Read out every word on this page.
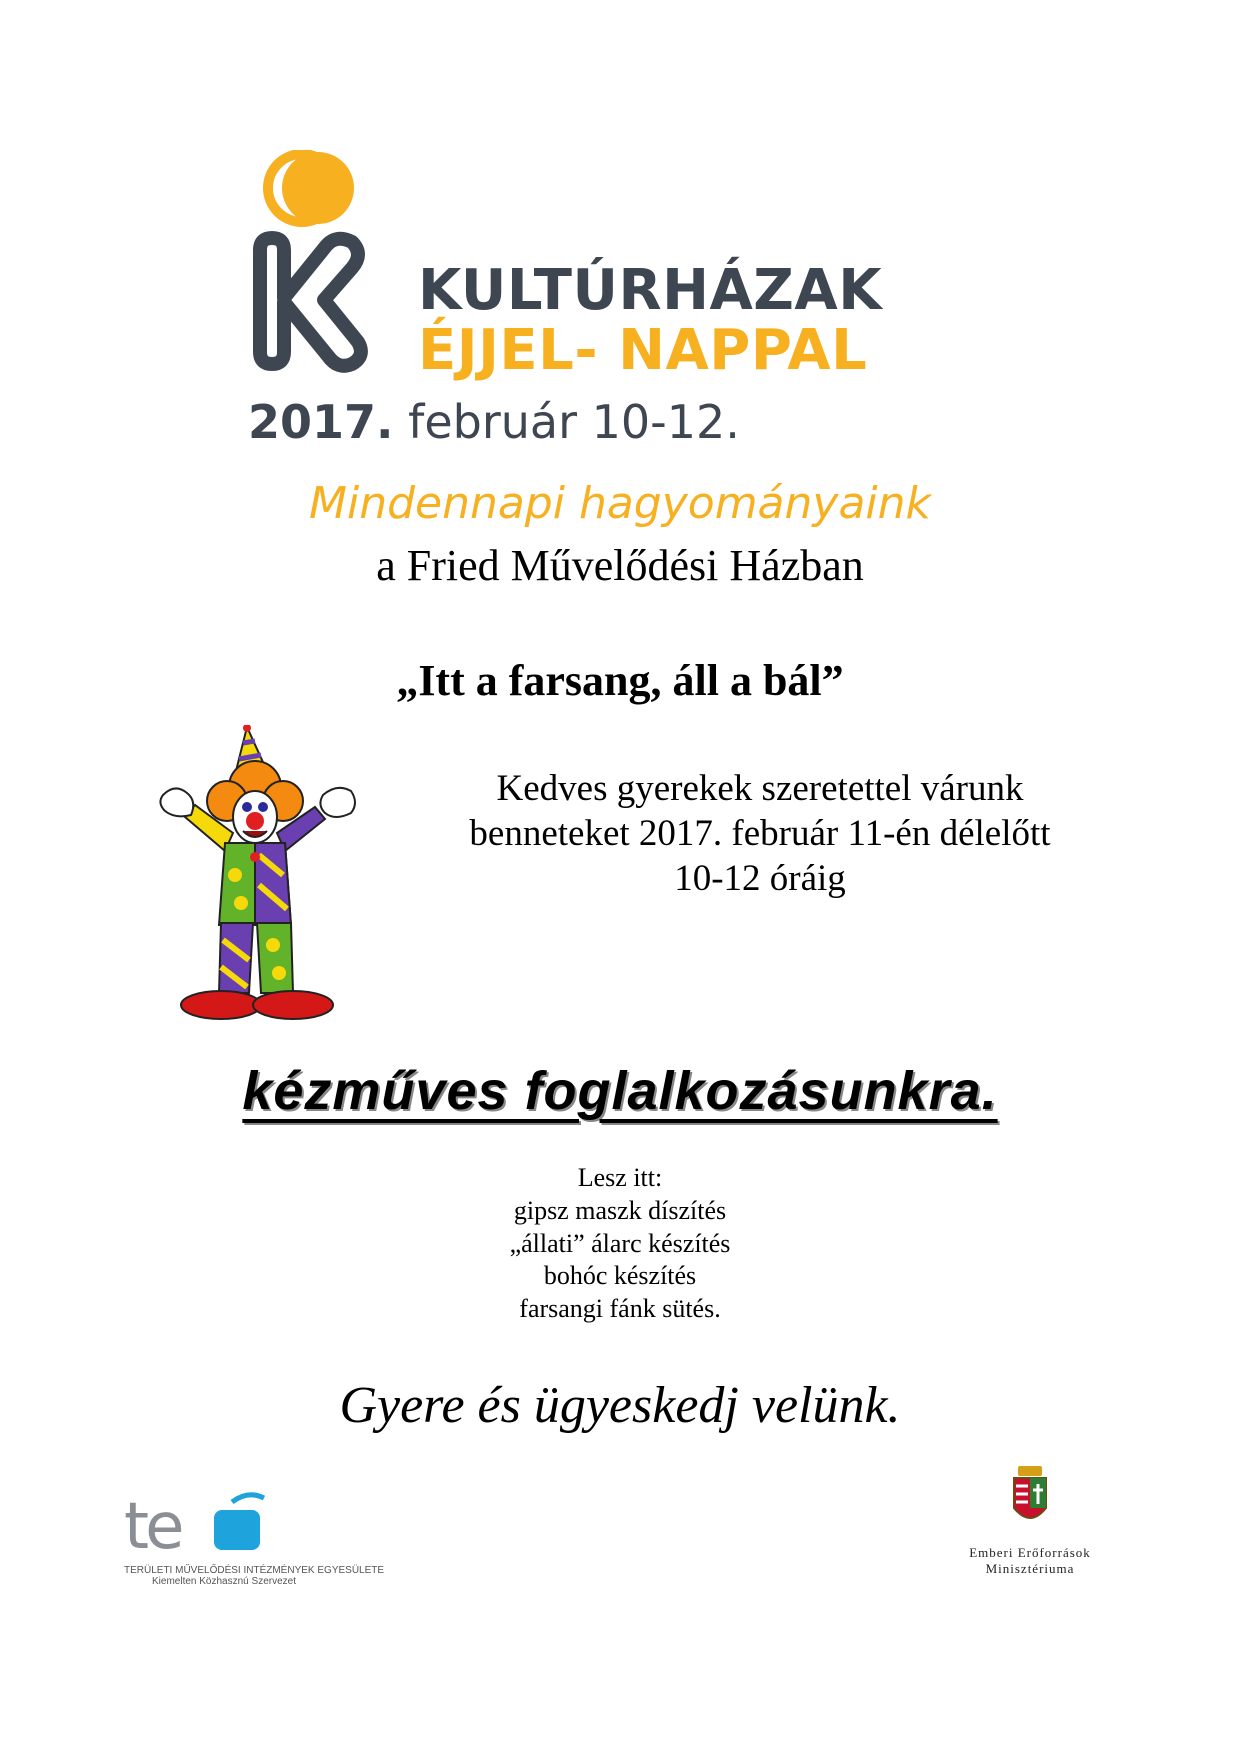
KULTÚRHÁZAK
ÉJJEL- NAPPAL
2017. február 10-12.
Mindennapi hagyományaink
a Fried Művelődési Házban
„Itt a farsang, áll a bál”
Kedves gyerekek szeretettel várunk
benneteket 2017. február 11-én délelőtt
10-12 óráig
kézműves foglalkozásunkra.
Lesz itt:
gipsz maszk díszítés
„állati” álarc készítés
bohóc készítés
farsangi fánk sütés.
Gyere és ügyeskedj velünk.
te
TERÜLETI MŰVELŐDÉSI INTÉZMÉNYEK EGYESÜLETE
Kiemelten Közhasznú Szervezet
Emberi Erőforrások
Minisztériuma
